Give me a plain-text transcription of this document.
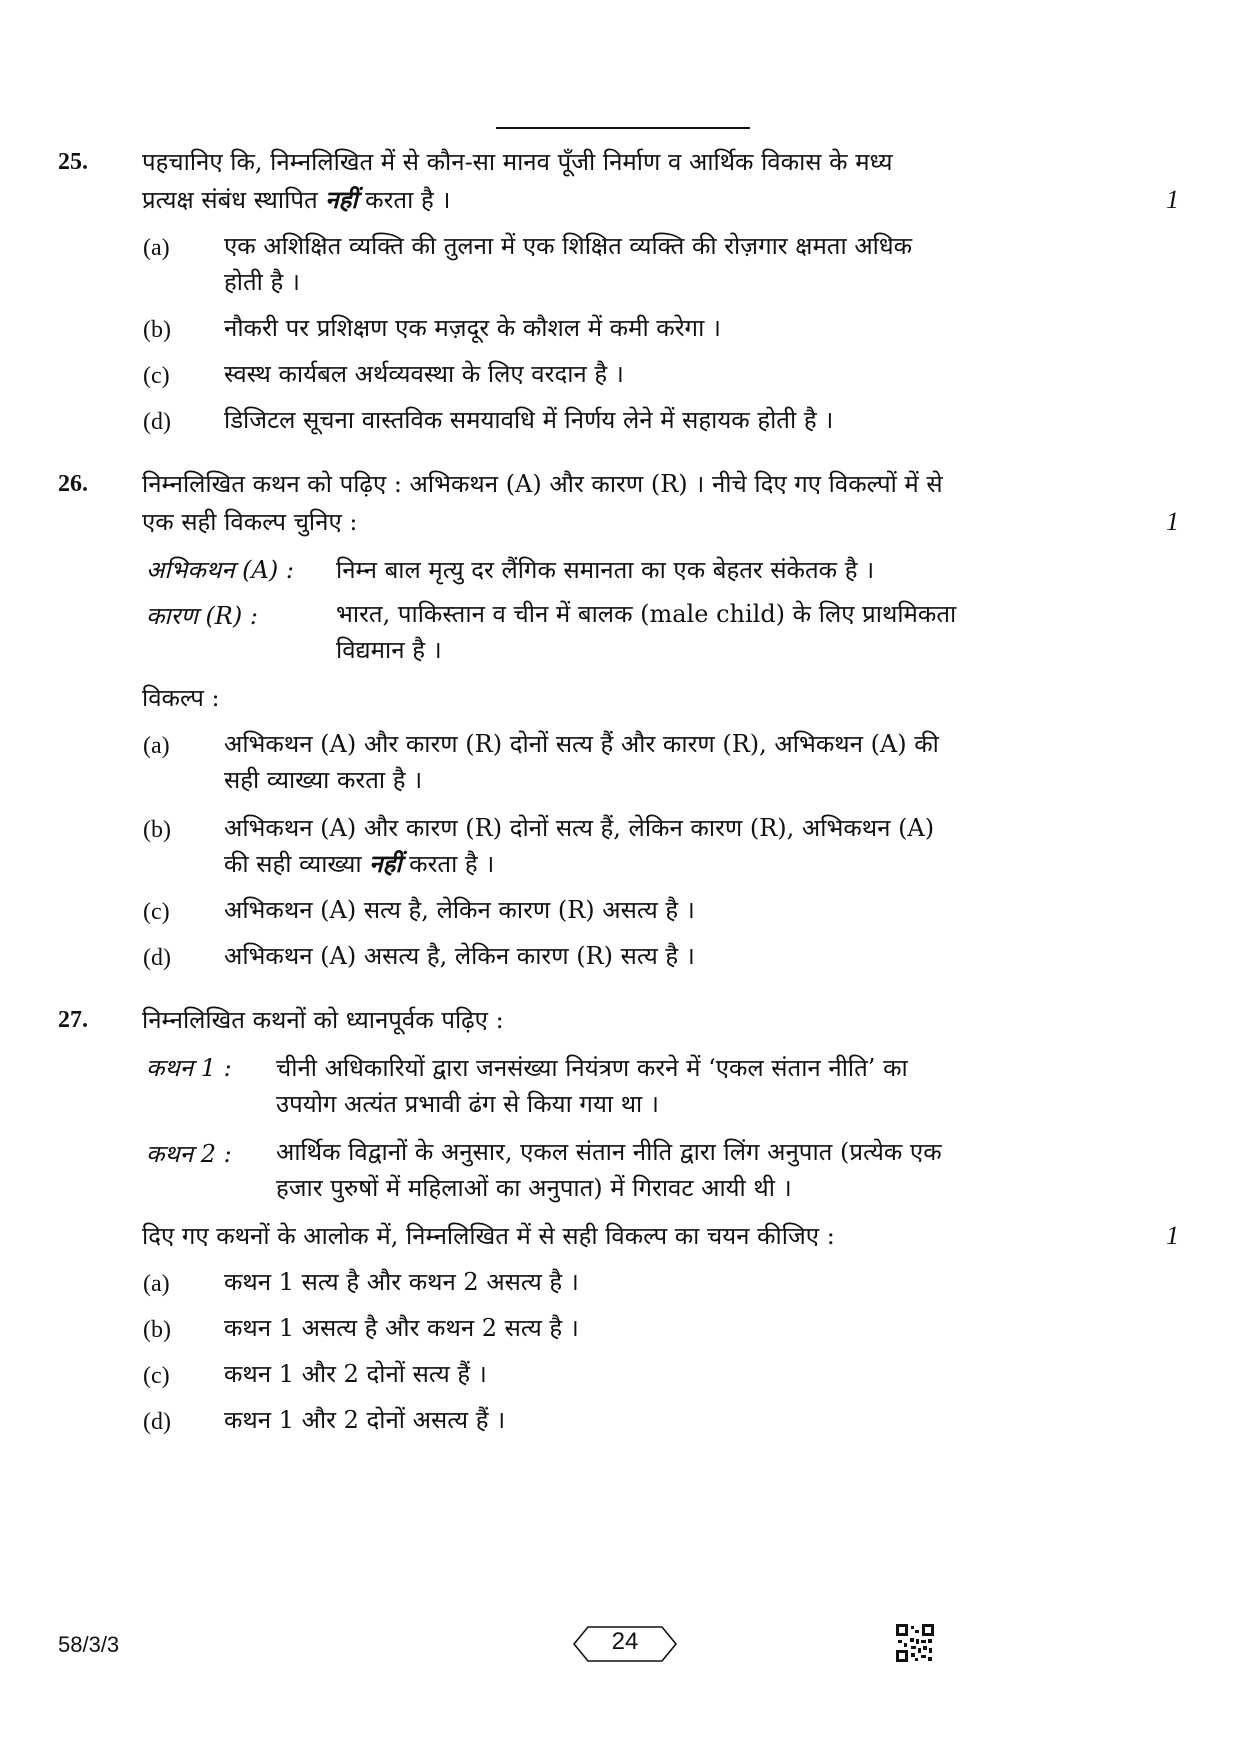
25. पहचानिए कि, निम्नलिखित में से कौन-सा मानव पूँजी निर्माण व आर्थिक विकास के मध्य
प्रत्यक्ष संबंध स्थापित नहीं करता है ।	1
(a) एक अशिक्षित व्यक्ति की तुलना में एक शिक्षित व्यक्ति की रोज़गार क्षमता अधिक
होती है ।
(b) नौकरी पर प्रशिक्षण एक मज़दूर के कौशल में कमी करेगा ।
(c) स्वस्थ कार्यबल अर्थव्यवस्था के लिए वरदान है ।
(d) डिजिटल सूचना वास्तविक समयावधि में निर्णय लेने में सहायक होती है ।
26. निम्नलिखित कथन को पढ़िए : अभिकथन (A) और कारण (R) । नीचे दिए गए विकल्पों में से
एक सही विकल्प चुनिए :	1
अभिकथन (A) : निम्न बाल मृत्यु दर लैंगिक समानता का एक बेहतर संकेतक है ।
कारण (R) :	भारत, पाकिस्तान व चीन में बालक (male child) के लिए प्राथमिकता
विद्यमान है ।
विकल्प :
(a) अभिकथन (A) और कारण (R) दोनों सत्य हैं और कारण (R), अभिकथन (A) की
सही व्याख्या करता है ।
(b) अभिकथन (A) और कारण (R) दोनों सत्य हैं, लेकिन कारण (R), अभिकथन (A)
की सही व्याख्या नहीं करता है ।
(c) अभिकथन (A) सत्य है, लेकिन कारण (R) असत्य है ।
(d) अभिकथन (A) असत्य है, लेकिन कारण (R) सत्य है ।
27. निम्नलिखित कथनों को ध्यानपूर्वक पढ़िए :
कथन 1 : चीनी अधिकारियों द्वारा जनसंख्या नियंत्रण करने में ‘एकल संतान नीति’ का
उपयोग अत्यंत प्रभावी ढंग से किया गया था ।
कथन 2 : आर्थिक विद्वानों के अनुसार, एकल संतान नीति द्वारा लिंग अनुपात (प्रत्येक एक
हजार पुरुषों में महिलाओं का अनुपात) में गिरावट आयी थी ।
दिए गए कथनों के आलोक में, निम्नलिखित में से सही विकल्प का चयन कीजिए :	1
(a) कथन 1 सत्य है और कथन 2 असत्य है ।
(b) कथन 1 असत्य है और कथन 2 सत्य है ।
(c) कथन 1 और 2 दोनों सत्य हैं ।
(d) कथन 1 और 2 दोनों असत्य हैं ।
58/3/3	24
